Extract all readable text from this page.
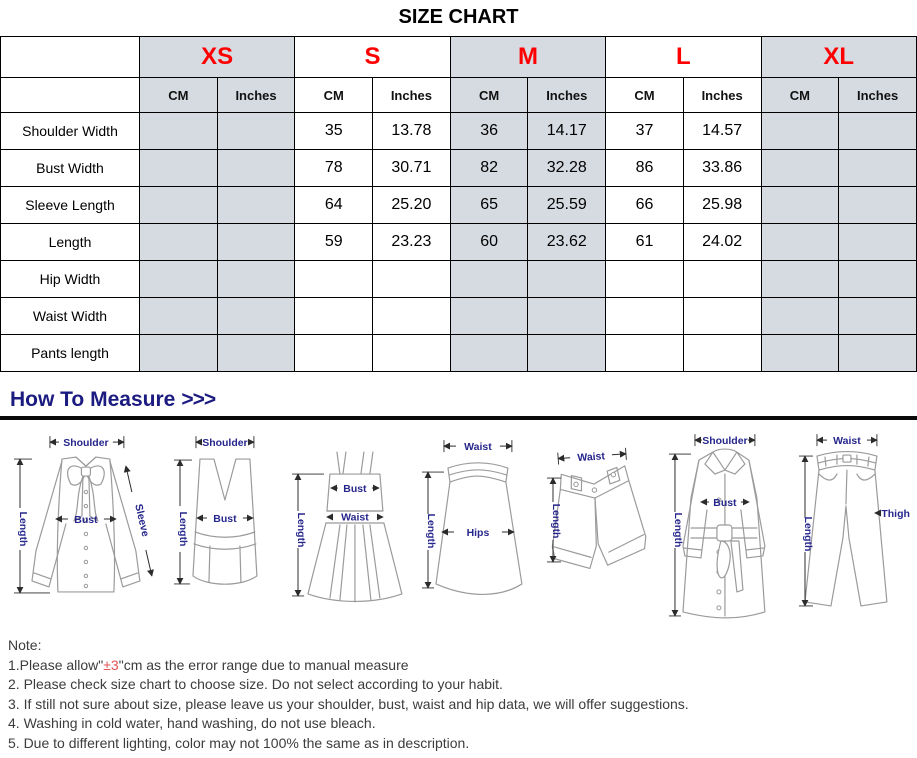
SIZE CHART
	XS		S		M		L		XL	
	CM	Inches	CM	Inches	CM	Inches	CM	Inches	CM	Inches
Shoulder Width			35	13.78	36	14.17	37	14.57		
Bust Width			78	30.71	82	32.28	86	33.86		
Sleeve Length			64	25.20	65	25.59	66	25.98		
Length			59	23.23	60	23.62	61	24.02		
Hip Width										
Waist Width										
Pants length										
How To Measure >>>
Shoulder
Length	Bust	Sleeve
Shoulder
Length Bust	Length
Bust
Waist
Waist
Length	Hips
Waist
Length
Shoulder
Length
Bust
Waist
Length
Thigh
Note:
1.Please allow"±3"cm as the error range due to manual measure
2. Please check size chart to choose size. Do not select according to your habit.
3. If still not sure about size, please leave us your shoulder, bust, waist and hip data, we will offer suggestions.
4. Washing in cold water, hand washing, do not use bleach.
5. Due to different lighting, color may not 100% the same as in description.
